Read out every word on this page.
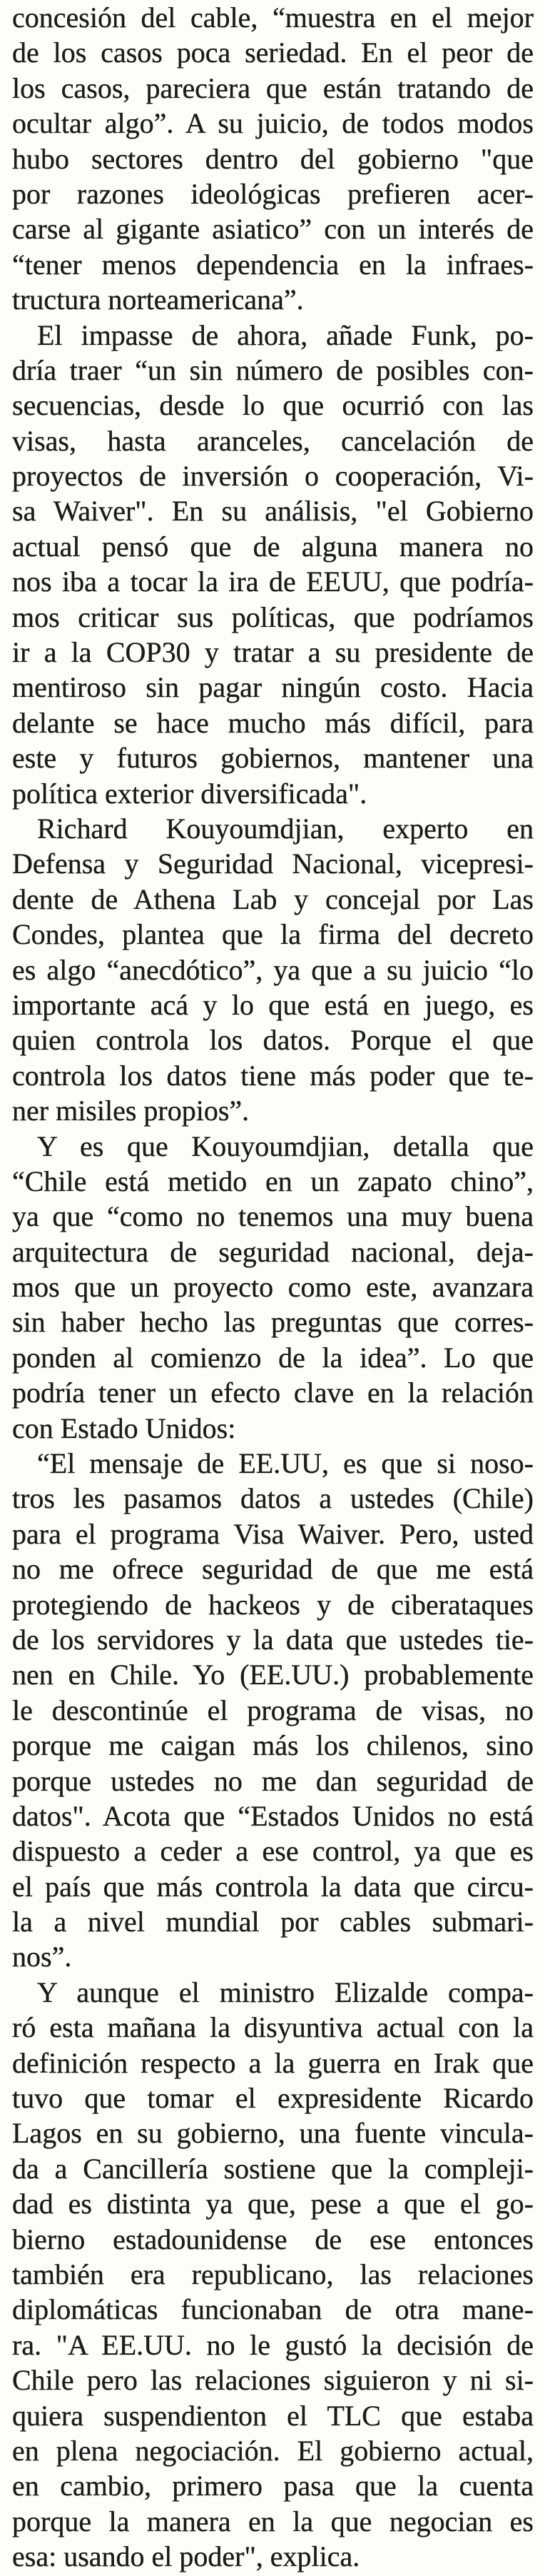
concesión del cable, “muestra en el mejor
de los casos poca seriedad. En el peor de
los casos, pareciera que están tratando de
ocultar algo”. A su juicio, de todos modos
hubo sectores dentro del gobierno "que
por razones ideológicas prefieren acer-
carse al gigante asiatico” con un interés de
“tener menos dependencia en la infraes-
tructura norteamericana”.
El impasse de ahora, añade Funk, po-
dría traer “un sin número de posibles con-
secuencias, desde lo que ocurrió con las
visas, hasta aranceles, cancelación de
proyectos de inversión o cooperación, Vi-
sa Waiver". En su análisis, "el Gobierno
actual pensó que de alguna manera no
nos iba a tocar la ira de EEUU, que podría-
mos criticar sus políticas, que podríamos
ir a la COP30 y tratar a su presidente de
mentiroso sin pagar ningún costo. Hacia
delante se hace mucho más difícil, para
este y futuros gobiernos, mantener una
política exterior diversificada".
Richard Kouyoumdjian, experto en
Defensa y Seguridad Nacional, vicepresi-
dente de Athena Lab y concejal por Las
Condes, plantea que la firma del decreto
es algo “anecdótico”, ya que a su juicio “lo
importante acá y lo que está en juego, es
quien controla los datos. Porque el que
controla los datos tiene más poder que te-
ner misiles propios”.
Y es que Kouyoumdjian, detalla que
“Chile está metido en un zapato chino”,
ya que “como no tenemos una muy buena
arquitectura de seguridad nacional, deja-
mos que un proyecto como este, avanzara
sin haber hecho las preguntas que corres-
ponden al comienzo de la idea”. Lo que
podría tener un efecto clave en la relación
con Estado Unidos:
“El mensaje de EE.UU, es que si noso-
tros les pasamos datos a ustedes (Chile)
para el programa Visa Waiver. Pero, usted
no me ofrece seguridad de que me está
protegiendo de hackeos y de ciberataques
de los servidores y la data que ustedes tie-
nen en Chile. Yo (EE.UU.) probablemente
le descontinúe el programa de visas, no
porque me caigan más los chilenos, sino
porque ustedes no me dan seguridad de
datos". Acota que “Estados Unidos no está
dispuesto a ceder a ese control, ya que es
el país que más controla la data que circu-
la a nivel mundial por cables submari-
nos”.
Y aunque el ministro Elizalde compa-
ró esta mañana la disyuntiva actual con la
definición respecto a la guerra en Irak que
tuvo que tomar el expresidente Ricardo
Lagos en su gobierno, una fuente vincula-
da a Cancillería sostiene que la compleji-
dad es distinta ya que, pese a que el go-
bierno estadounidense de ese entonces
también era republicano, las relaciones
diplomáticas funcionaban de otra mane-
ra. "A EE.UU. no le gustó la decisión de
Chile pero las relaciones siguieron y ni si-
quiera suspendienton el TLC que estaba
en plena negociación. El gobierno actual,
en cambio, primero pasa que la cuenta
porque la manera en la que negocian es
esa: usando el poder", explica.
